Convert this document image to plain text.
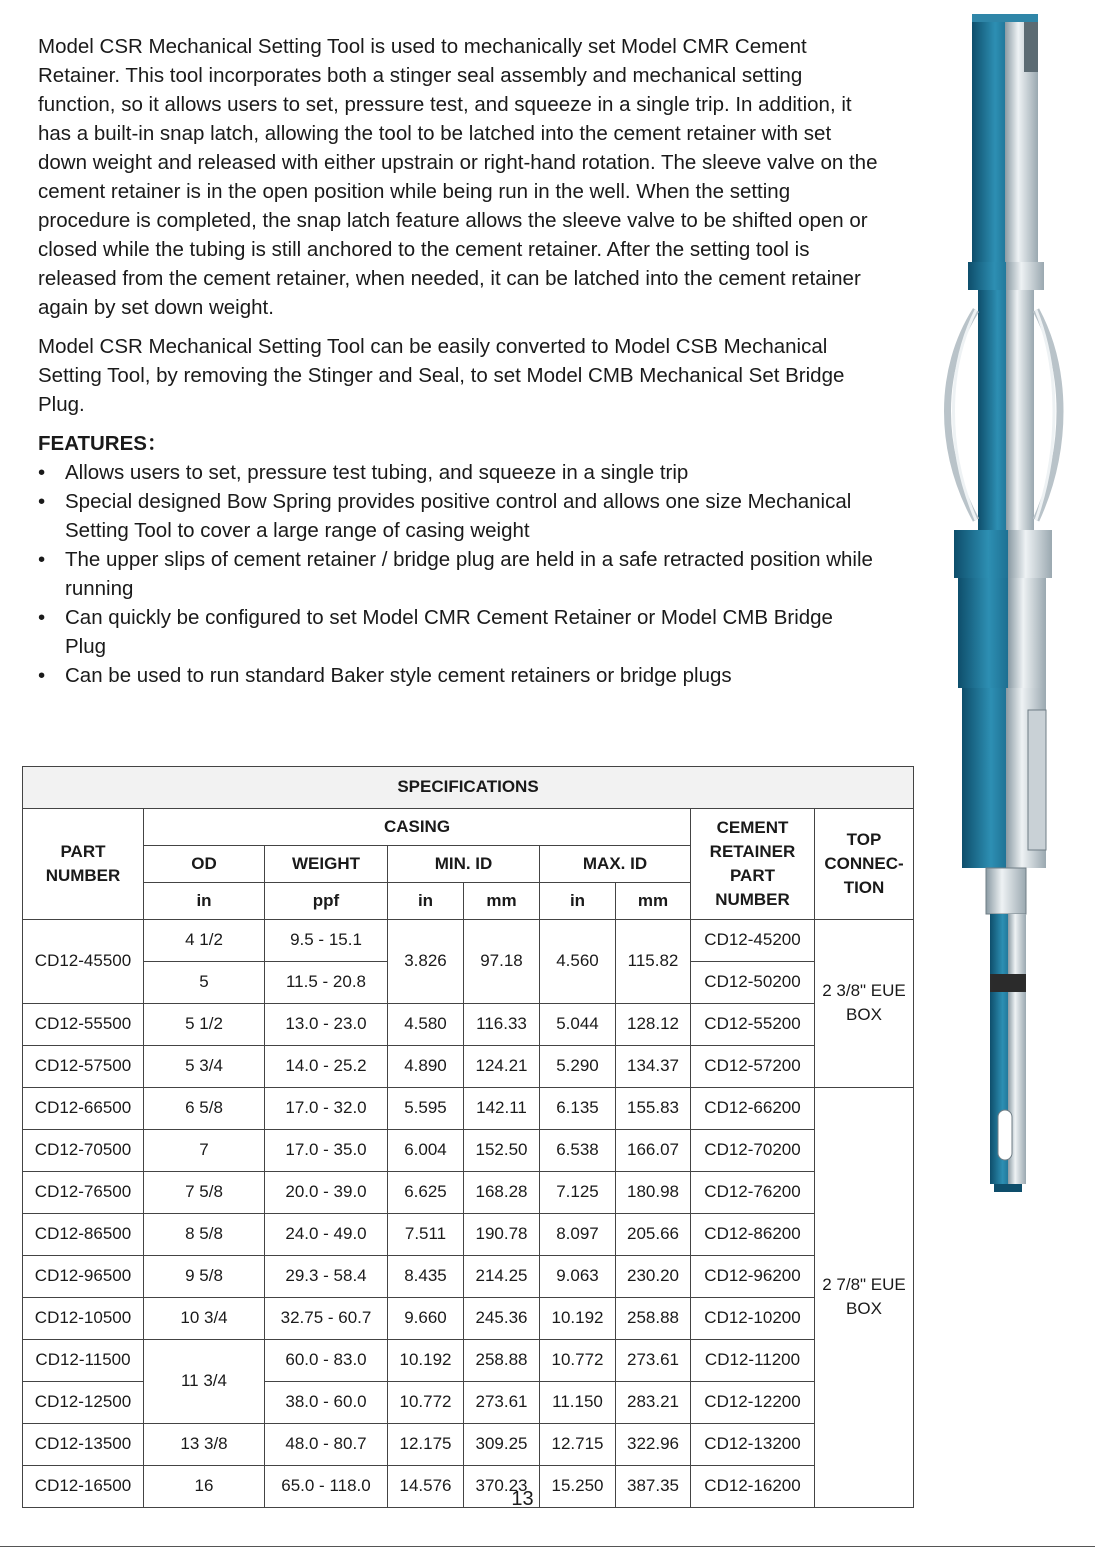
Model CSR Mechanical Setting Tool is used to mechanically set Model CMR Cement Retainer. This tool incorporates both a stinger seal assembly and mechanical setting function, so it allows users to set, pressure test, and squeeze in a single trip. In addition, it has a built-in snap latch, allowing the tool to be latched into the cement retainer with set down weight and released with either upstrain or right-hand rotation. The sleeve valve on the cement retainer is in the open position while being run in the well. When the setting procedure is completed, the snap latch feature allows the sleeve valve to be shifted open or closed while the tubing is still anchored to the cement retainer. After the setting tool is released from the cement retainer, when needed, it can be latched into the cement retainer again by set down weight.

Model CSR Mechanical Setting Tool can be easily converted to Model CSB Mechanical Setting Tool, by removing the Stinger and Seal, to set Model CMB Mechanical Set Bridge Plug.

FEATURES：
• Allows users to set, pressure test tubing, and squeeze in a single trip
• Special designed Bow Spring provides positive control and allows one size Mechanical Setting Tool to cover a large range of casing weight
• The upper slips of cement retainer / bridge plug are held in a safe retracted position while running
• Can quickly be configured to set Model CMR Cement Retainer or Model CMB Bridge Plug
• Can be used to run standard Baker style cement retainers or bridge plugs

SPECIFICATIONS								
PART NUMBER	CASING						CEMENT RETAINER PART NUMBER	TOP CONNEC- TION
	OD	WEIGHT	MIN. ID		MAX. ID			
	in	ppf	in	mm	in	mm		
CD12-45500	4 1/2	9.5 - 15.1	3.826	97.18	4.560	115.82	CD12-45200	2 3/8" EUE BOX
	5	11.5 - 20.8					CD12-50200	
CD12-55500	5 1/2	13.0 - 23.0	4.580	116.33	5.044	128.12	CD12-55200	
CD12-57500	5 3/4	14.0 - 25.2	4.890	124.21	5.290	134.37	CD12-57200	
CD12-66500	6 5/8	17.0 - 32.0	5.595	142.11	6.135	155.83	CD12-66200	2 7/8" EUE BOX
CD12-70500	7	17.0 - 35.0	6.004	152.50	6.538	166.07	CD12-70200	
CD12-76500	7 5/8	20.0 - 39.0	6.625	168.28	7.125	180.98	CD12-76200	
CD12-86500	8 5/8	24.0 - 49.0	7.511	190.78	8.097	205.66	CD12-86200	
CD12-96500	9 5/8	29.3 - 58.4	8.435	214.25	9.063	230.20	CD12-96200	
CD12-10500	10 3/4	32.75 - 60.7	9.660	245.36	10.192	258.88	CD12-10200	
CD12-11500	11 3/4	60.0 - 83.0	10.192	258.88	10.772	273.61	CD12-11200	
CD12-12500		38.0 - 60.0	10.772	273.61	11.150	283.21	CD12-12200	
CD12-13500	13 3/8	48.0 - 80.7	12.175	309.25	12.715	322.96	CD12-13200	
CD12-16500	16	65.0 - 118.0	14.576	370.23	15.250	387.35	CD12-16200	
13
